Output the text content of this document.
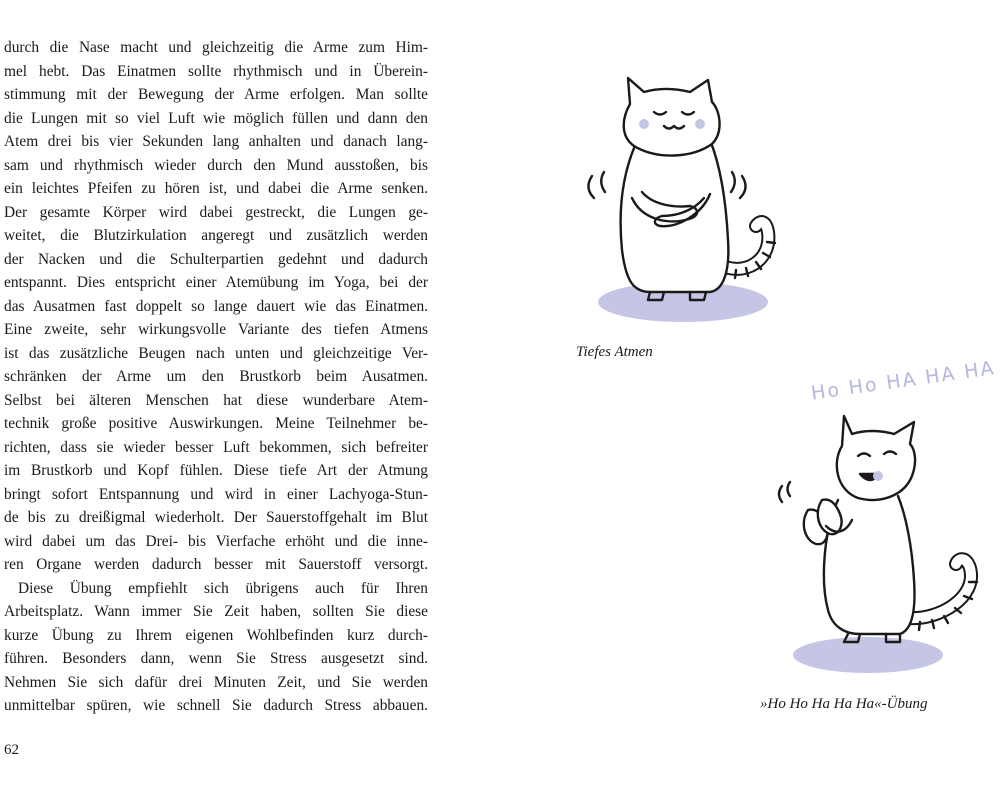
durch die Nase macht und gleichzeitig die Arme zum Him-
mel hebt. Das Einatmen sollte rhythmisch und in Überein-
stimmung mit der Bewegung der Arme erfolgen. Man sollte
die Lungen mit so viel Luft wie möglich füllen und dann den
Atem drei bis vier Sekunden lang anhalten und danach lang-
sam und rhythmisch wieder durch den Mund ausstoßen, bis
ein leichtes Pfeifen zu hören ist, und dabei die Arme senken.
Der gesamte Körper wird dabei gestreckt, die Lungen ge-
weitet, die Blutzirkulation angeregt und zusätzlich werden
der Nacken und die Schulterpartien gedehnt und dadurch
entspannt. Dies entspricht einer Atemübung im Yoga, bei der
das Ausatmen fast doppelt so lange dauert wie das Einatmen.
Eine zweite, sehr wirkungsvolle Variante des tiefen Atmens
ist das zusätzliche Beugen nach unten und gleichzeitige Ver-
schränken der Arme um den Brustkorb beim Ausatmen.
Selbst bei älteren Menschen hat diese wunderbare Atem-
technik große positive Auswirkungen. Meine Teilnehmer be-
richten, dass sie wieder besser Luft bekommen, sich befreiter
im Brustkorb und Kopf fühlen. Diese tiefe Art der Atmung
bringt sofort Entspannung und wird in einer Lachyoga-Stun-
de bis zu dreißigmal wiederholt. Der Sauerstoffgehalt im Blut
wird dabei um das Drei- bis Vierfache erhöht und die inne-
ren Organe werden dadurch besser mit Sauerstoff versorgt.
Diese Übung empfiehlt sich übrigens auch für Ihren
Arbeitsplatz. Wann immer Sie Zeit haben, sollten Sie diese
kurze Übung zu Ihrem eigenen Wohlbefinden kurz durch-
führen. Besonders dann, wenn Sie Stress ausgesetzt sind.
Nehmen Sie sich dafür drei Minuten Zeit, und Sie werden
unmittelbar spüren, wie schnell Sie dadurch Stress abbauen.
62
Tiefes Atmen
Ho Ho HA HA HA
»Ho Ho Ha Ha Ha«-Übung
